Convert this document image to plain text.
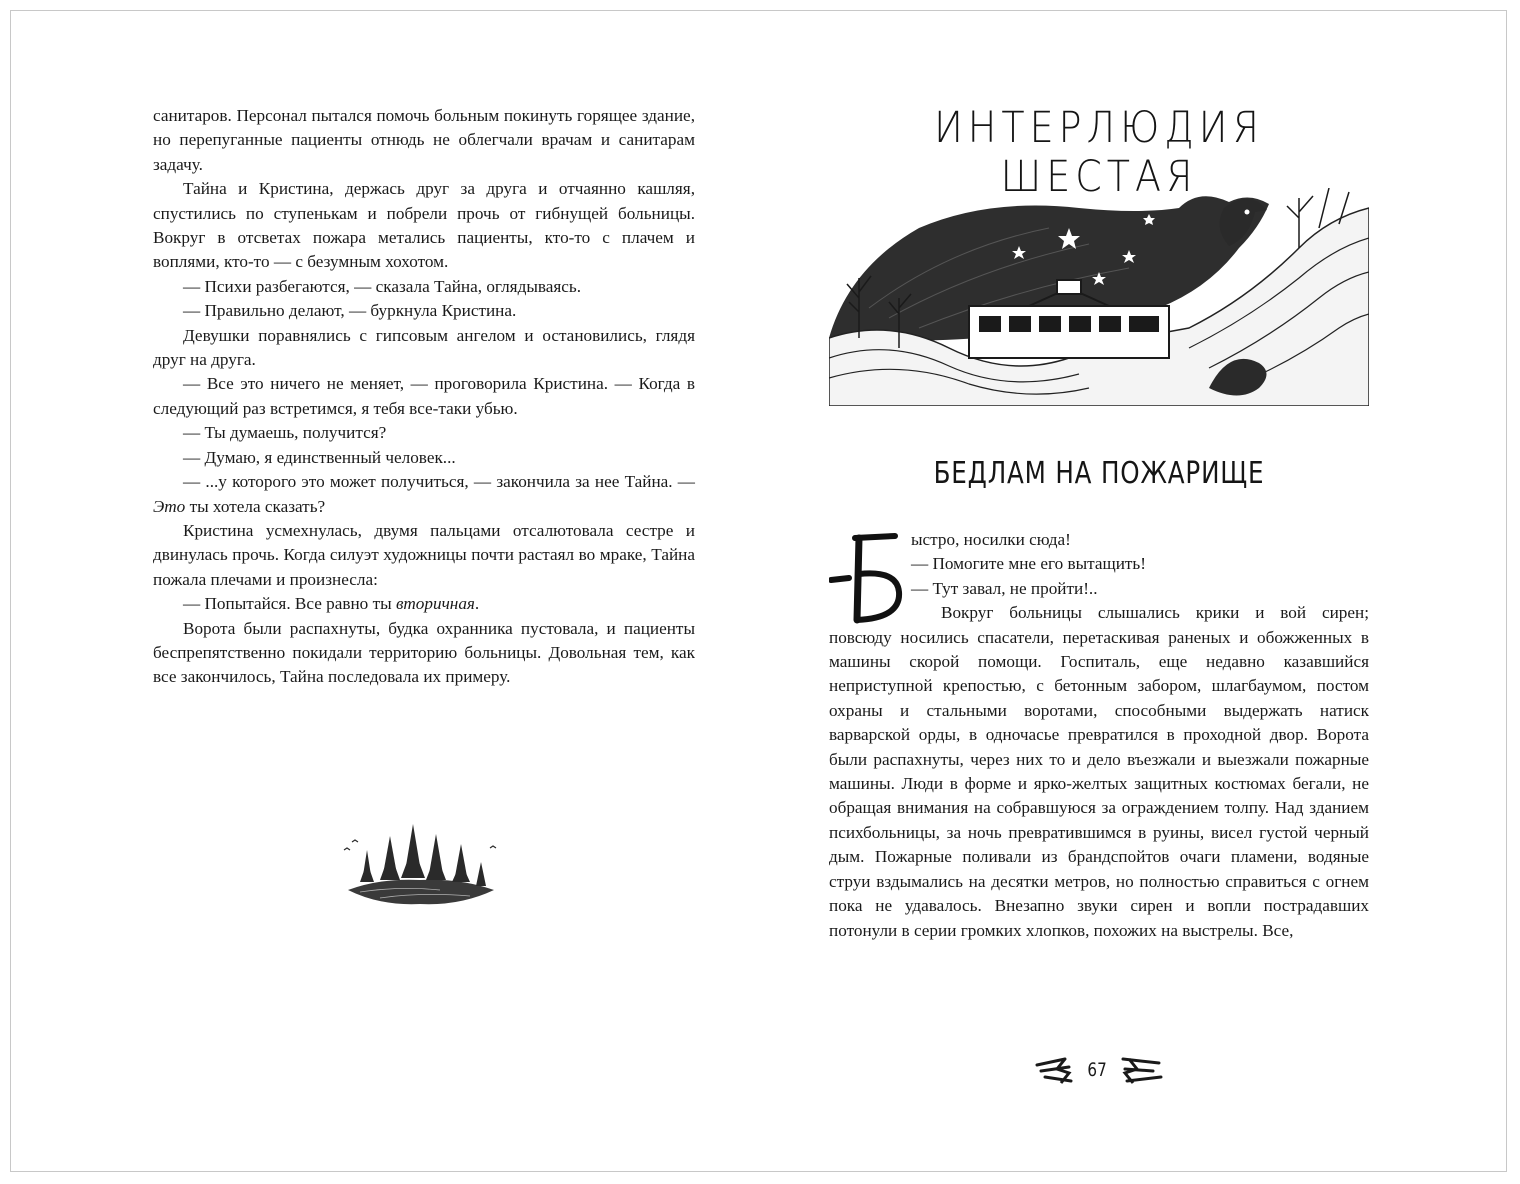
санитаров. Персонал пытался помочь больным покинуть горящее здание, но перепуганные пациенты отнюдь не облегчали врачам и санитарам задачу.

Тайна и Кристина, держась друг за друга и отчаянно кашляя, спустились по ступенькам и побрели прочь от гибнущей больницы. Вокруг в отсветах пожара метались пациенты, кто-то с плачем и воплями, кто-то — с безумным хохотом.

— Психи разбегаются, — сказала Тайна, оглядываясь.

— Правильно делают, — буркнула Кристина.

Девушки поравнялись с гипсовым ангелом и остановились, глядя друг на друга.

— Все это ничего не меняет, — проговорила Кристина. — Когда в следующий раз встретимся, я тебя все-таки убью.

— Ты думаешь, получится?

— Думаю, я единственный человек...

— ...у которого это может получиться, — закончила за нее Тайна. — Это ты хотела сказать?

Кристина усмехнулась, двумя пальцами отсалютовала сестре и двинулась прочь. Когда силуэт художницы почти растаял во мраке, Тайна пожала плечами и произнесла:

— Попытайся. Все равно ты вторичная.

Ворота были распахнуты, будка охранника пустовала, и пациенты беспрепятственно покидали территорию больницы. Довольная тем, как все закончилось, Тайна последовала их примеру.

ИНТЕРЛЮДИЯ ШЕСТАЯ
БЕДЛАМ НА ПОЖАРИЩЕ

ыстро, носилки сюда!

— Помогите мне его вытащить!

— Тут завал, не пройти!..

Вокруг больницы слышались крики и вой сирен;

повсюду носились спасатели, перетаскивая раненых и обожженных в машины скорой помощи. Госпиталь, еще недавно казавшийся неприступной крепостью, с бетонным забором, шлагбаумом, постом охраны и стальными воротами, способными выдержать натиск варварской орды, в одночасье превратился в проходной двор. Ворота были распахнуты, через них то и дело въезжали и выезжали пожарные машины. Люди в форме и ярко-желтых защитных костюмах бегали, не обращая внимания на собравшуюся за ограждением толпу. Над зданием психбольницы, за ночь превратившимся в руины, висел густой черный дым. Пожарные поливали из брандспойтов очаги пламени, водяные струи вздымались на десятки метров, но полностью справиться с огнем пока не удавалось. Внезапно звуки сирен и вопли пострадавших потонули в серии громких хлопков, похожих на выстрелы. Все,

67
